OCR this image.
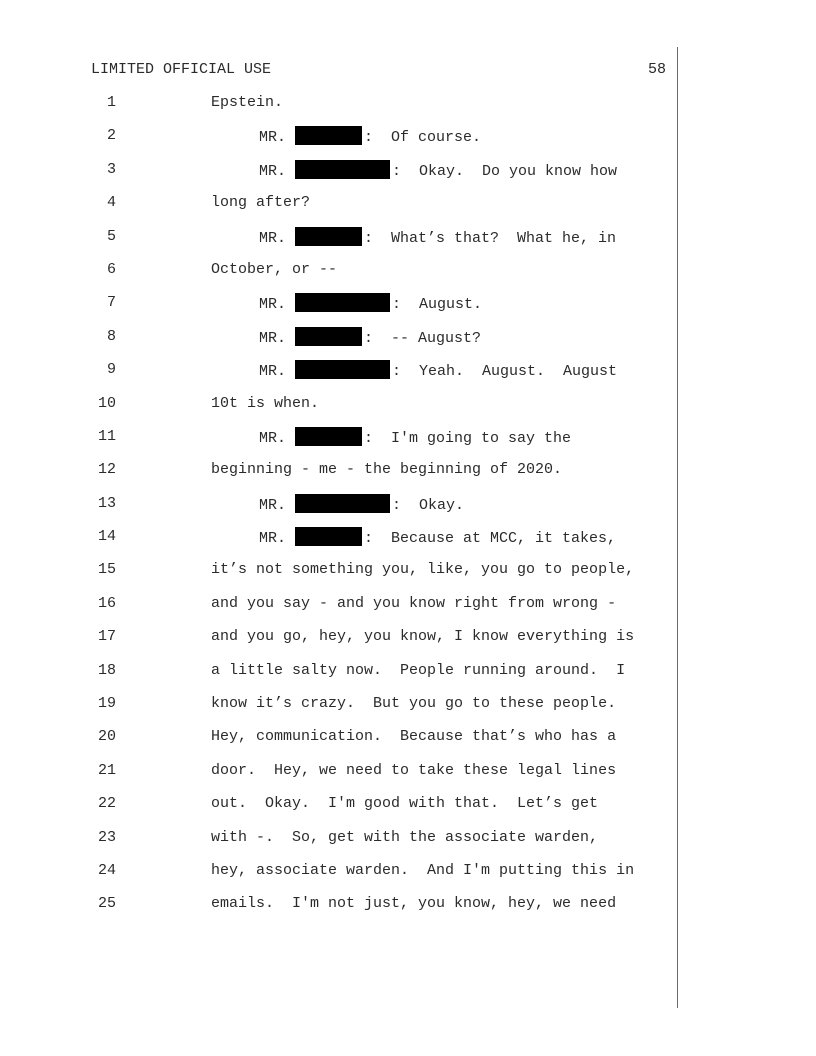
LIMITED OFFICIAL USE	58
1	Epstein.
2	MR.	:  Of course.
3	MR.	:  Okay.  Do you know how
4	long after?
5	MR.	:  What’s that?  What he, in
6	October, or --
7	MR.	:  August.
8	MR.	:  -- August?
9	MR.	:  Yeah.  August.  August
10	10t is when.
11	MR.	:  I'm going to say the
12	beginning - me - the beginning of 2020.
13	MR.	:  Okay.
14	MR.	:  Because at MCC, it takes,
15	it’s not something you, like, you go to people,
16	and you say - and you know right from wrong -
17	and you go, hey, you know, I know everything is
18	a little salty now.  People running around.  I
19	know it’s crazy.  But you go to these people.
20	Hey, communication.  Because that’s who has a
21	door.  Hey, we need to take these legal lines
22	out.  Okay.  I'm good with that.  Let’s get
23	with -.  So, get with the associate warden,
24	hey, associate warden.  And I'm putting this in
25	emails.  I'm not just, you know, hey, we need
